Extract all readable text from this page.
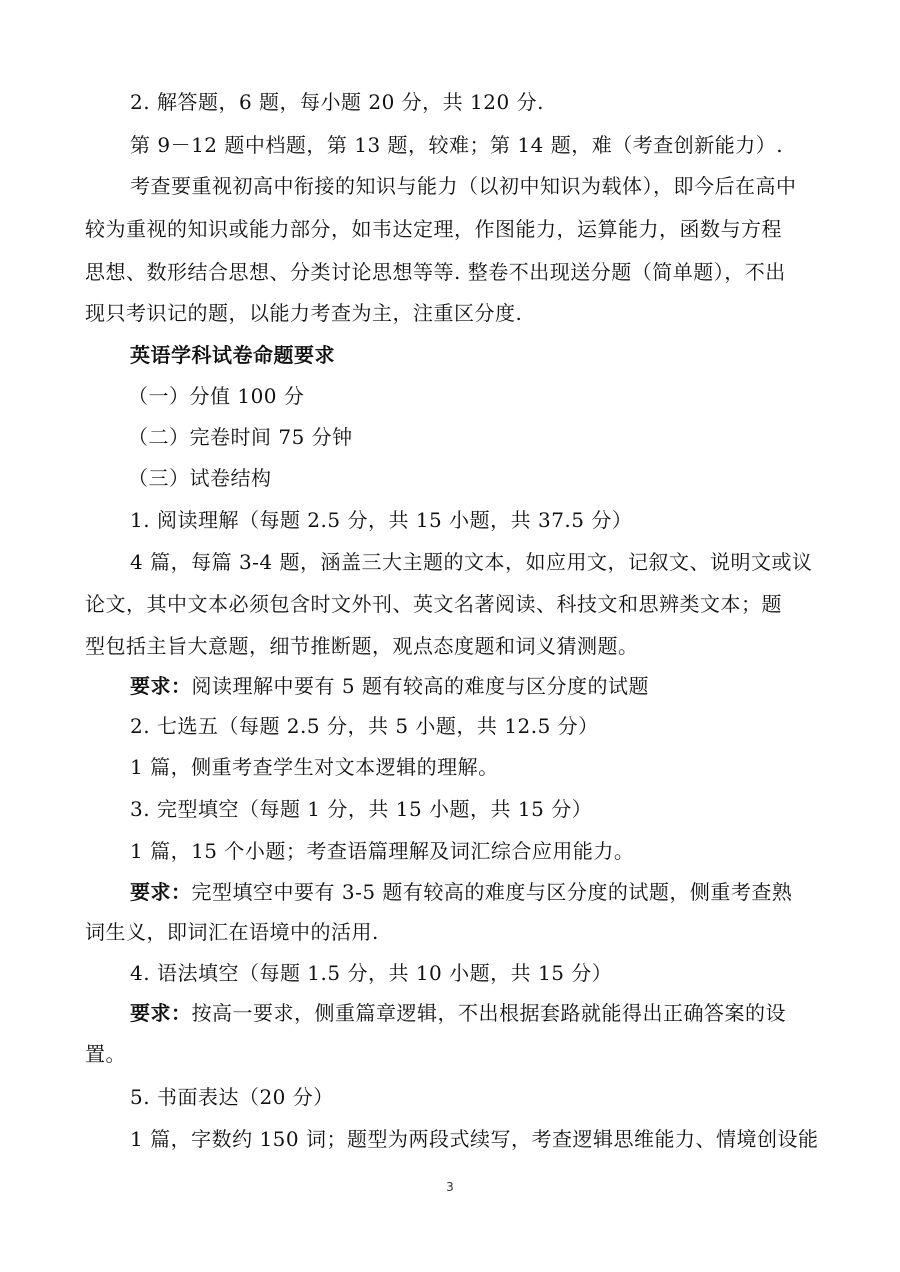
2. 解答题，6 题，每小题 20 分，共 120 分.
第 9－12 题中档题，第 13 题，较难；第 14 题，难（考查创新能力）.
考查要重视初高中衔接的知识与能力（以初中知识为载体），即今后在高中
较为重视的知识或能力部分，如韦达定理，作图能力，运算能力，函数与方程
思想、数形结合思想、分类讨论思想等等. 整卷不出现送分题（简单题），不出
现只考识记的题，以能力考查为主，注重区分度.
英语学科试卷命题要求
（一）分值 100 分
（二）完卷时间 75 分钟
（三）试卷结构
1. 阅读理解（每题 2.5 分，共 15 小题，共 37.5 分）
4 篇，每篇 3-4 题，涵盖三大主题的文本，如应用文，记叙文、说明文或议
论文，其中文本必须包含时文外刊、英文名著阅读、科技文和思辨类文本；题
型包括主旨大意题，细节推断题，观点态度题和词义猜测题。
要求：阅读理解中要有 5 题有较高的难度与区分度的试题
2. 七选五（每题 2.5 分，共 5 小题，共 12.5 分）
1 篇，侧重考查学生对文本逻辑的理解。
3. 完型填空（每题 1 分，共 15 小题，共 15 分）
1 篇，15 个小题；考查语篇理解及词汇综合应用能力。
要求：完型填空中要有 3-5 题有较高的难度与区分度的试题，侧重考查熟
词生义，即词汇在语境中的活用.
4. 语法填空（每题 1.5 分，共 10 小题，共 15 分）
要求：按高一要求，侧重篇章逻辑，不出根据套路就能得出正确答案的设
置。
5. 书面表达（20 分）
1 篇，字数约 150 词；题型为两段式续写，考查逻辑思维能力、情境创设能
3
